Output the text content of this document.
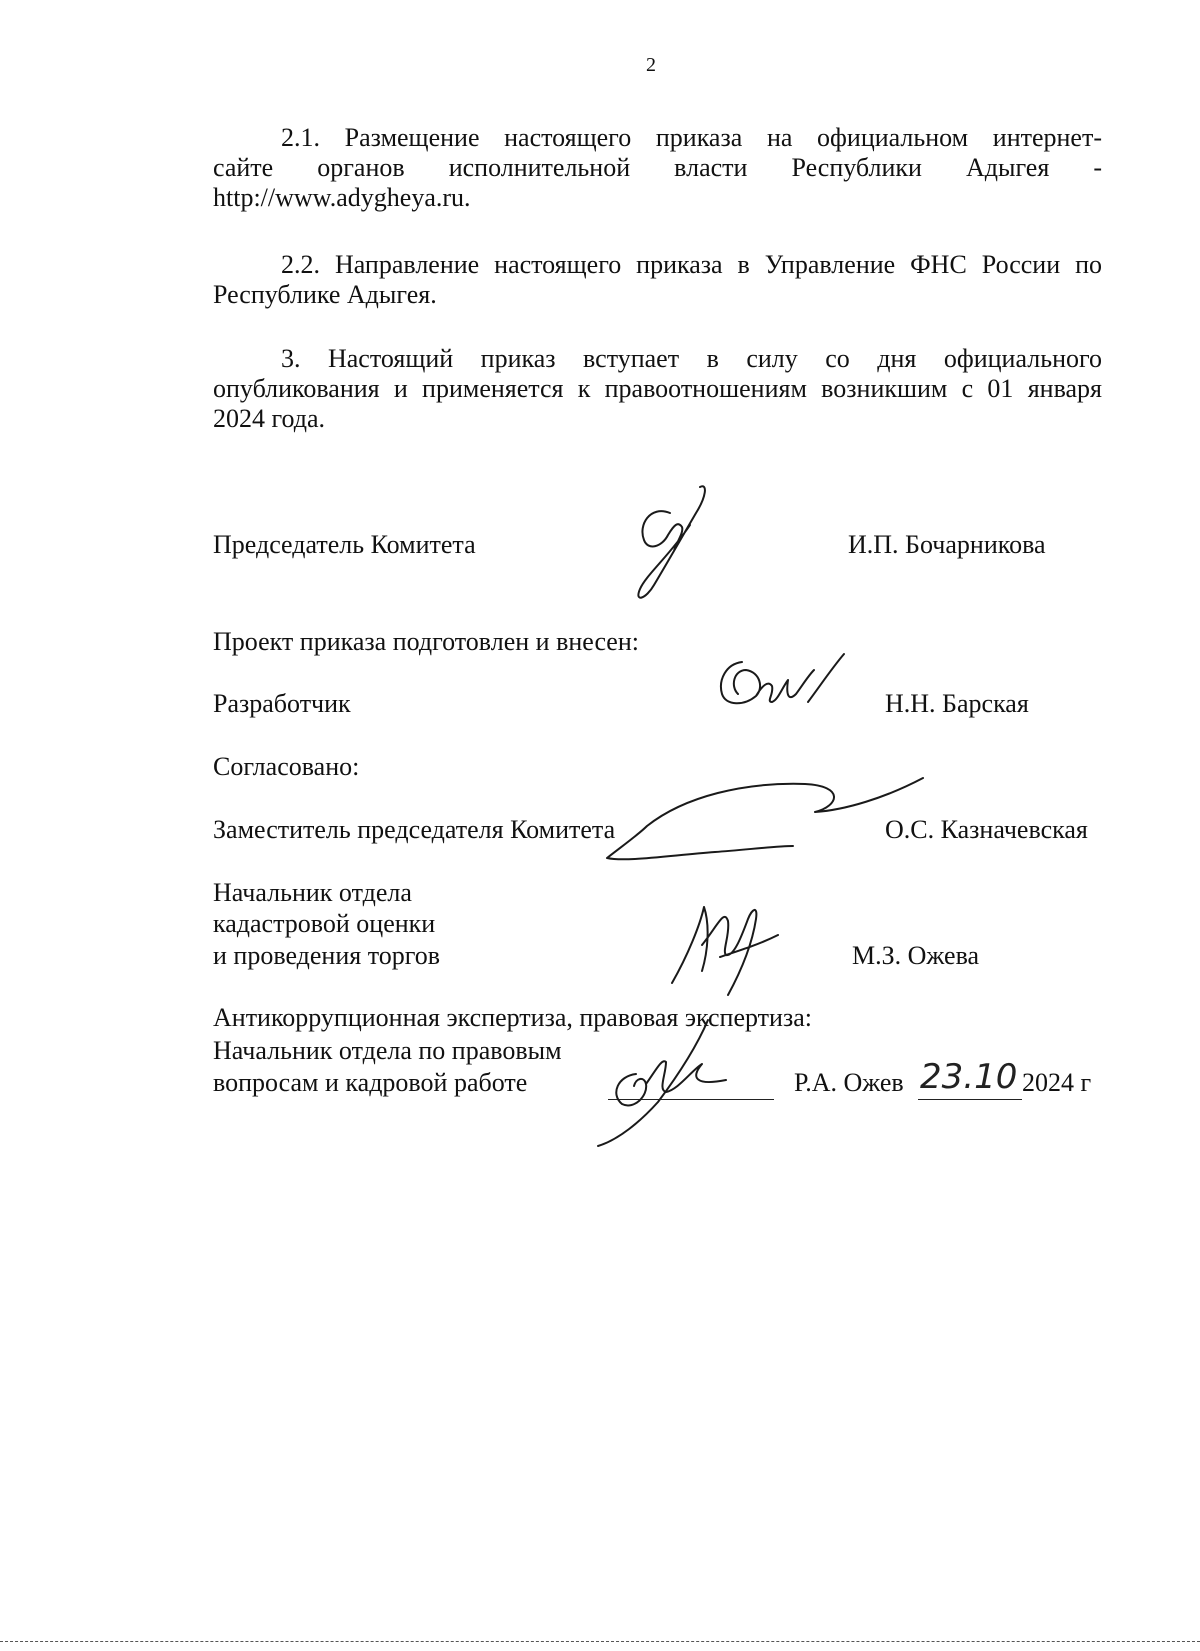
2
2.1. Размещение настоящего приказа на официальном интернет-
сайте органов исполнительной власти Республики Адыгея -
http://www.adygheya.ru.
2.2. Направление настоящего приказа в Управление ФНС России по
Республике Адыгея.
3. Настоящий приказ вступает в силу со дня официального
опубликования и применяется к правоотношениям возникшим с 01 января
2024 года.
Председатель Комитета	И.П. Бочарникова
Проект приказа подготовлен и внесен:
Разработчик	Н.Н. Барская
Согласовано:
Заместитель председателя Комитета	О.С. Казначевская
Начальник отдела
кадастровой оценки
и проведения торгов	М.З. Ожева
Антикоррупционная экспертиза, правовая экспертиза:
Начальник отдела по правовым
вопросам и кадровой работе	Р.А. Ожев 23.10 2024 г
